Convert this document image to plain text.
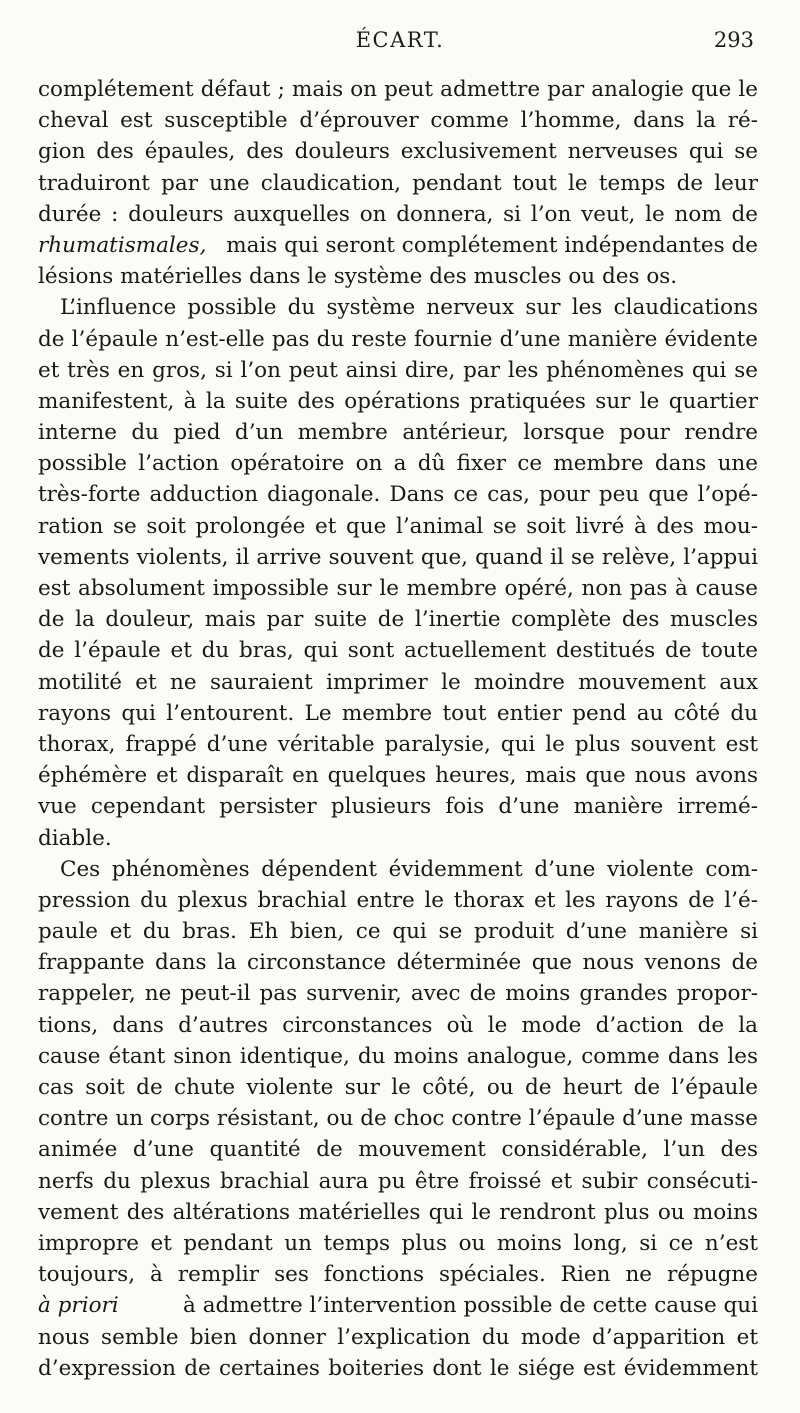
ÉCART.	293
complétement défaut ; mais on peut admettre par analogie que le
cheval est susceptible d’éprouver comme l’homme, dans la ré-
gion des épaules, des douleurs exclusivement nerveuses qui se
traduiront par une claudication, pendant tout le temps de leur
durée : douleurs auxquelles on donnera, si l’on veut, le nom de
rhumatismales, mais qui seront complétement indépendantes de
lésions matérielles dans le système des muscles ou des os.
L’influence possible du système nerveux sur les claudications
de l’épaule n’est-elle pas du reste fournie d’une manière évidente
et très en gros, si l’on peut ainsi dire, par les phénomènes qui se
manifestent, à la suite des opérations pratiquées sur le quartier
interne du pied d’un membre antérieur, lorsque pour rendre
possible l’action opératoire on a dû fixer ce membre dans une
très-forte adduction diagonale. Dans ce cas, pour peu que l’opé-
ration se soit prolongée et que l’animal se soit livré à des mou-
vements violents, il arrive souvent que, quand il se relève, l’appui
est absolument impossible sur le membre opéré, non pas à cause
de la douleur, mais par suite de l’inertie complète des muscles
de l’épaule et du bras, qui sont actuellement destitués de toute
motilité et ne sauraient imprimer le moindre mouvement aux
rayons qui l’entourent. Le membre tout entier pend au côté du
thorax, frappé d’une véritable paralysie, qui le plus souvent est
éphémère et disparaît en quelques heures, mais que nous avons
vue cependant persister plusieurs fois d’une manière irremé-
diable.
Ces phénomènes dépendent évidemment d’une violente com-
pression du plexus brachial entre le thorax et les rayons de l’é-
paule et du bras. Eh bien, ce qui se produit d’une manière si
frappante dans la circonstance déterminée que nous venons de
rappeler, ne peut-il pas survenir, avec de moins grandes propor-
tions, dans d’autres circonstances où le mode d’action de la
cause étant sinon identique, du moins analogue, comme dans les
cas soit de chute violente sur le côté, ou de heurt de l’épaule
contre un corps résistant, ou de choc contre l’épaule d’une masse
animée d’une quantité de mouvement considérable, l’un des
nerfs du plexus brachial aura pu être froissé et subir consécuti-
vement des altérations matérielles qui le rendront plus ou moins
impropre et pendant un temps plus ou moins long, si ce n’est
toujours, à remplir ses fonctions spéciales. Rien ne répugne
à priori	à admettre l’intervention possible de cette cause qui
nous semble bien donner l’explication du mode d’apparition et
d’expression de certaines boiteries dont le siége est évidemment
